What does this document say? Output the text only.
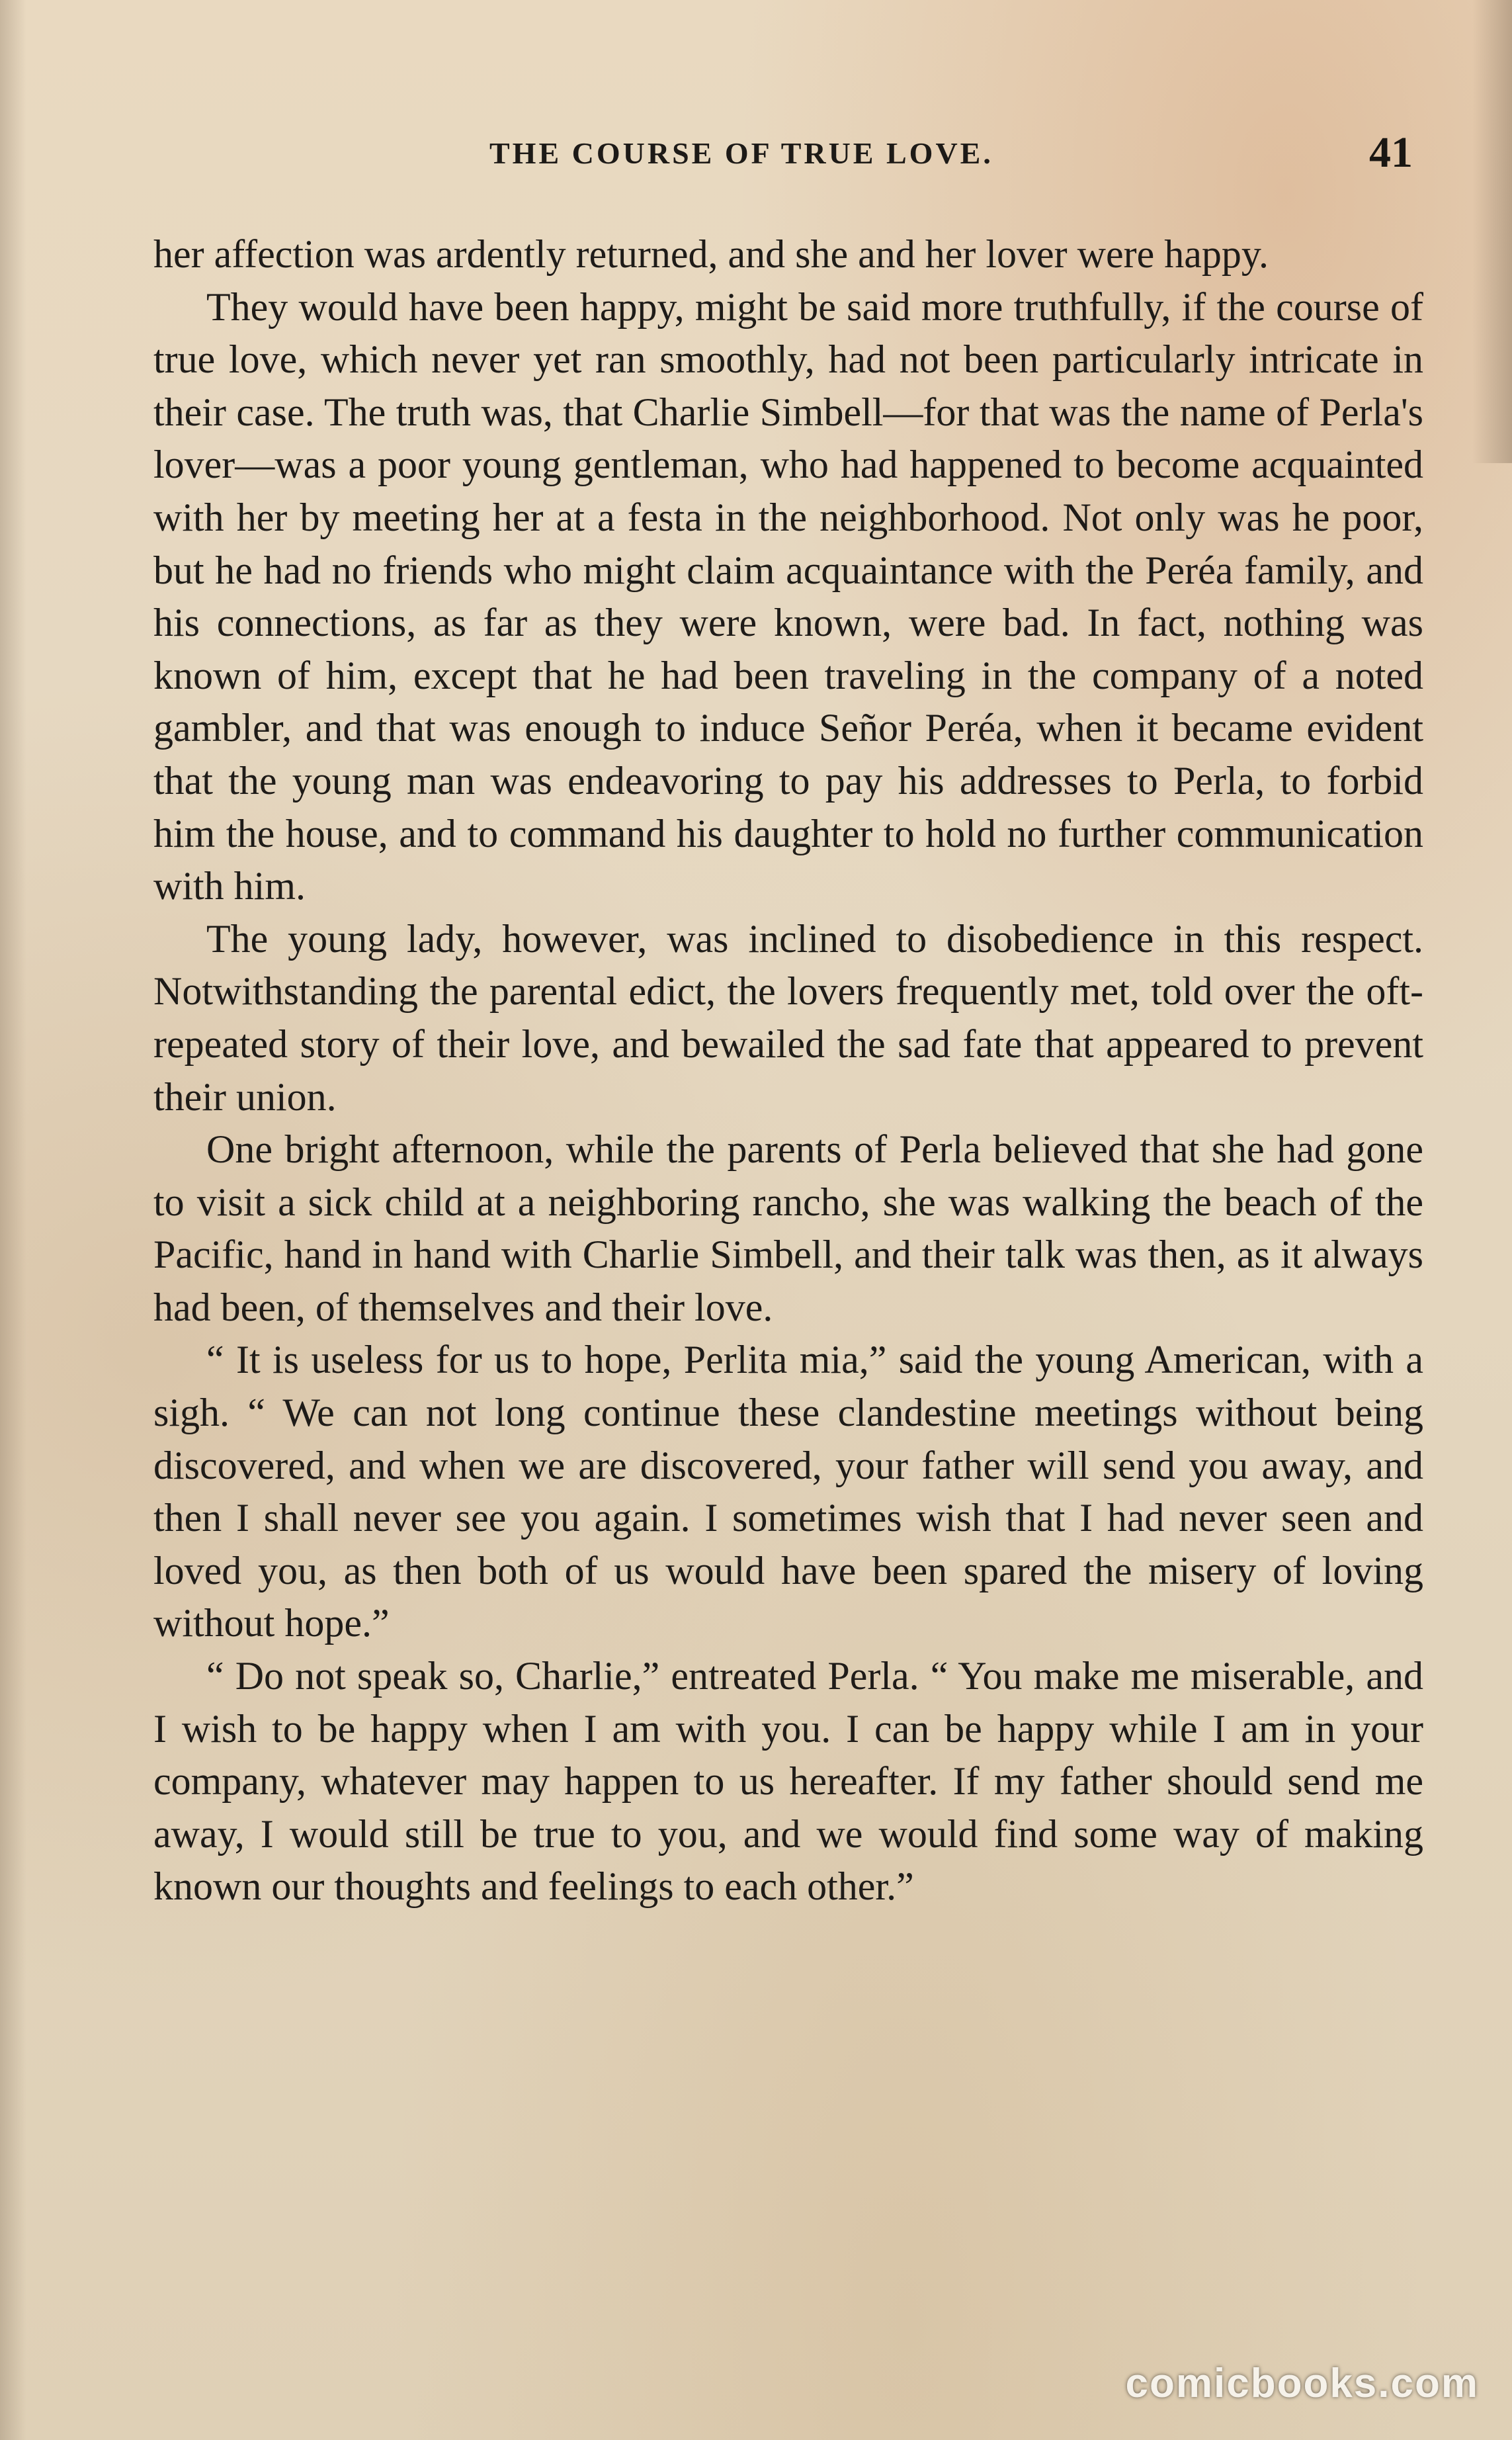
THE COURSE OF TRUE LOVE.	41

her affection was ardently returned, and she and her lover were happy.

They would have been happy, might be said more truthfully, if the course of true love, which never yet ran smoothly, had not been particularly intricate in their case. The truth was, that Charlie Simbell—for that was the name of Perla's lover—was a poor young gentleman, who had happened to become acquainted with her by meeting her at a festa in the neighborhood. Not only was he poor, but he had no friends who might claim acquaintance with the Peréa family, and his connections, as far as they were known, were bad. In fact, nothing was known of him, except that he had been traveling in the company of a noted gambler, and that was enough to induce Señor Peréa, when it became evident that the young man was endeavoring to pay his addresses to Perla, to forbid him the house, and to command his daughter to hold no further communication with him.

The young lady, however, was inclined to disobedience in this respect. Notwithstanding the parental edict, the lovers frequently met, told over the oft-repeated story of their love, and bewailed the sad fate that appeared to prevent their union.

One bright afternoon, while the parents of Perla believed that she had gone to visit a sick child at a neighboring rancho, she was walking the beach of the Pacific, hand in hand with Charlie Simbell, and their talk was then, as it always had been, of themselves and their love.

“ It is useless for us to hope, Perlita mia,” said the young American, with a sigh. “ We can not long continue these clandestine meetings without being discovered, and when we are discovered, your father will send you away, and then I shall never see you again. I sometimes wish that I had never seen and loved you, as then both of us would have been spared the misery of loving without hope.”

“ Do not speak so, Charlie,” entreated Perla. “ You make me miserable, and I wish to be happy when I am with you. I can be happy while I am in your company, whatever may happen to us hereafter. If my father should send me away, I would still be true to you, and we would find some way of making known our thoughts and feelings to each other.”

comicbooks.com
